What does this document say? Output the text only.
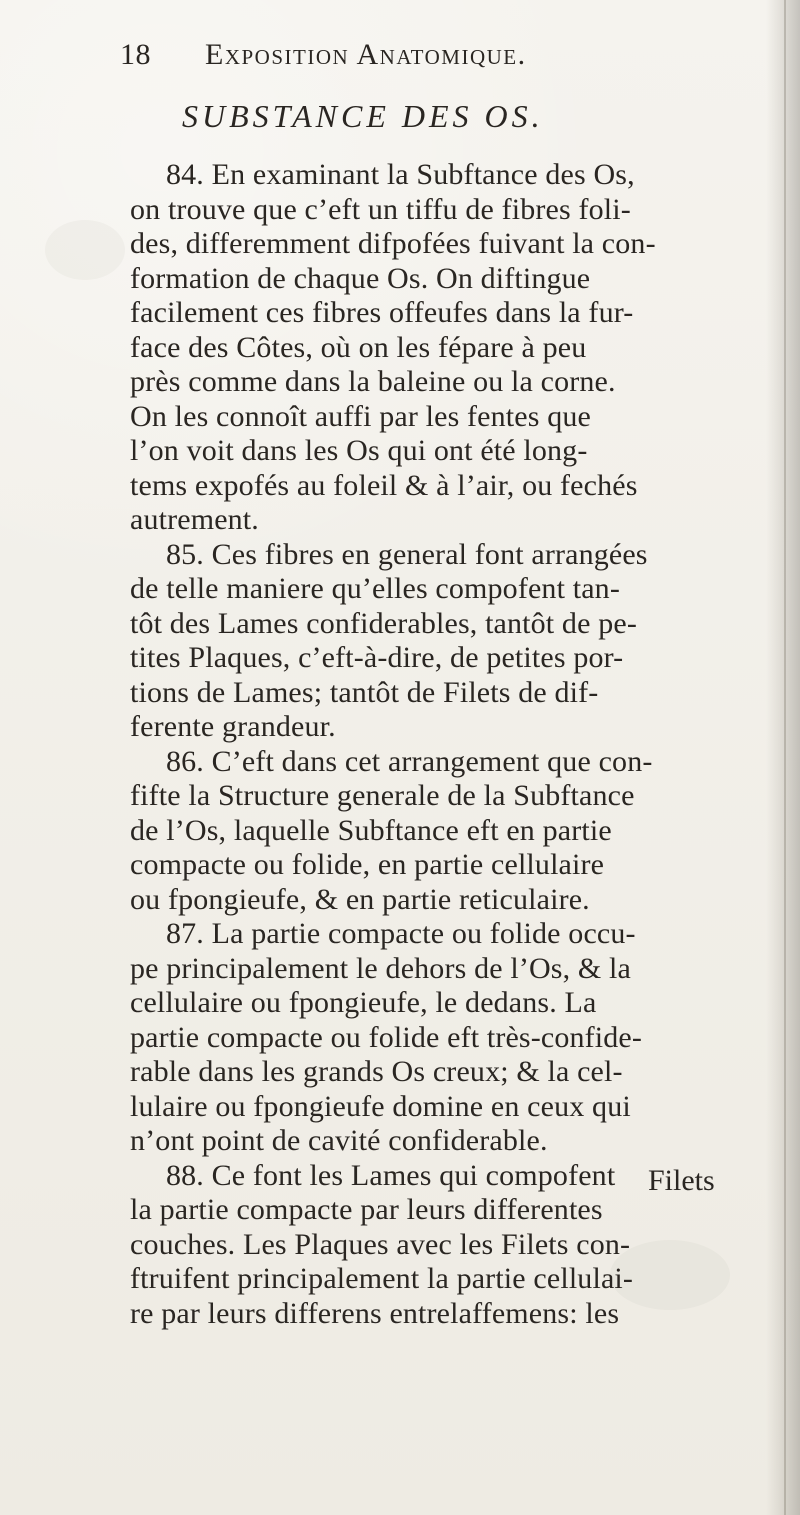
18 Exposition Anatomique.
SUBSTANCE DES OS.
84. En examinant la Subftance des Os,
on trouve que c’eft un tiffu de fibres foli-
des, differemment difpofées fuivant la con-
formation de chaque Os. On diftingue
facilement ces fibres offeufes dans la fur-
face des Côtes, où on les fépare à peu
près comme dans la baleine ou la corne.
On les connoît auffi par les fentes que
l’on voit dans les Os qui ont été long-
tems expofés au foleil & à l’air, ou fechés
autrement.
85. Ces fibres en general font arrangées
de telle maniere qu’elles compofent tan-
tôt des Lames confiderables, tantôt de pe-
tites Plaques, c’eft-à-dire, de petites por-
tions de Lames; tantôt de Filets de dif-
ferente grandeur.
86. C’eft dans cet arrangement que con-
fifte la Structure generale de la Subftance
de l’Os, laquelle Subftance eft en partie
compacte ou folide, en partie cellulaire
ou fpongieufe, & en partie reticulaire.
87. La partie compacte ou folide occu-
pe principalement le dehors de l’Os, & la
cellulaire ou fpongieufe, le dedans. La
partie compacte ou folide eft très-confide-
rable dans les grands Os creux; & la cel-
lulaire ou fpongieufe domine en ceux qui
n’ont point de cavité confiderable.
88. Ce font les Lames qui compofent
la partie compacte par leurs differentes
couches. Les Plaques avec les Filets con-
ftruifent principalement la partie cellulai-
re par leurs differens entrelaffemens: les
Filets
